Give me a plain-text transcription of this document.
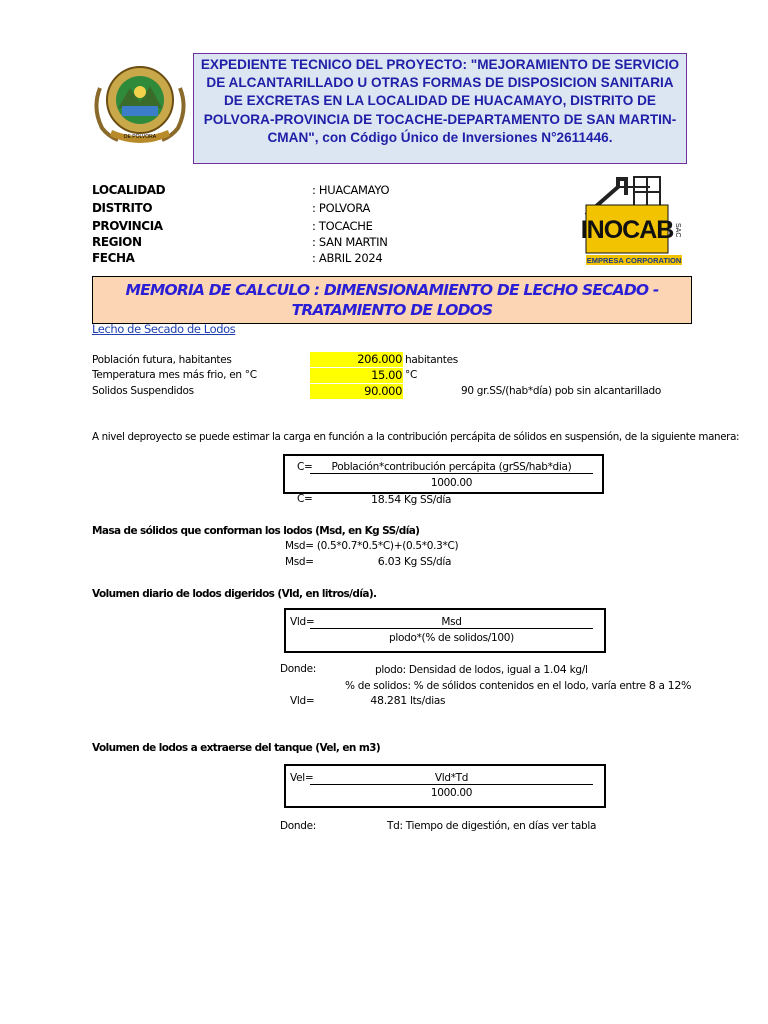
DE POLVORA
EXPEDIENTE TECNICO DEL PROYECTO: "MEJORAMIENTO DE SERVICIO DE ALCANTARILLADO U OTRAS FORMAS DE DISPOSICION SANITARIA DE EXCRETAS EN LA LOCALIDAD DE HUACAMAYO, DISTRITO DE POLVORA-PROVINCIA DE TOCACHE-DEPARTAMENTO DE SAN MARTIN-CMAN", con Código Único de Inversiones N°2611446.
LOCALIDAD	: HUACAMAYO
DISTRITO	: POLVORA
PROVINCIA	: TOCACHE
REGION	: SAN MARTIN
FECHA	: ABRIL 2024
INOCAB SAC
EMPRESA CORPORATION
MEMORIA DE CALCULO : DIMENSIONAMIENTO DE LECHO SECADO -
TRATAMIENTO DE LODOS
Lecho de Secado de Lodos
Población futura, habitantes	206.000 habitantes
Temperatura mes más frio, en °C	15.00 °C
Solidos Suspendidos	90.000	90 gr.SS/(hab*día) pob sin alcantarillado
A nivel deproyecto se puede estimar la carga en función a la contribución percápita de sólidos en suspensión, de la siguiente manera:
C=	Población*contribución percápita (grSS/hab*dia)
1000.00
C=	18.54 Kg SS/día
Masa de sólidos que conforman los lodos (Msd, en Kg SS/día)
Msd= (0.5*0.7*0.5*C)+(0.5*0.3*C)
Msd=	6.03 Kg SS/día
Volumen diario de lodos digeridos (Vld, en litros/día).
Vld=	Msd
plodo*(% de solidos/100)
Donde:	plodo: Densidad de lodos, igual a 1.04 kg/l
% de solidos: % de sólidos contenidos en el lodo, varía entre 8 a 12%
Vld=	48.281 lts/dias
Volumen de lodos a extraerse del tanque (Vel, en m3)
Vel=	Vld*Td
1000.00
Donde:	Td: Tiempo de digestión, en días ver tabla
